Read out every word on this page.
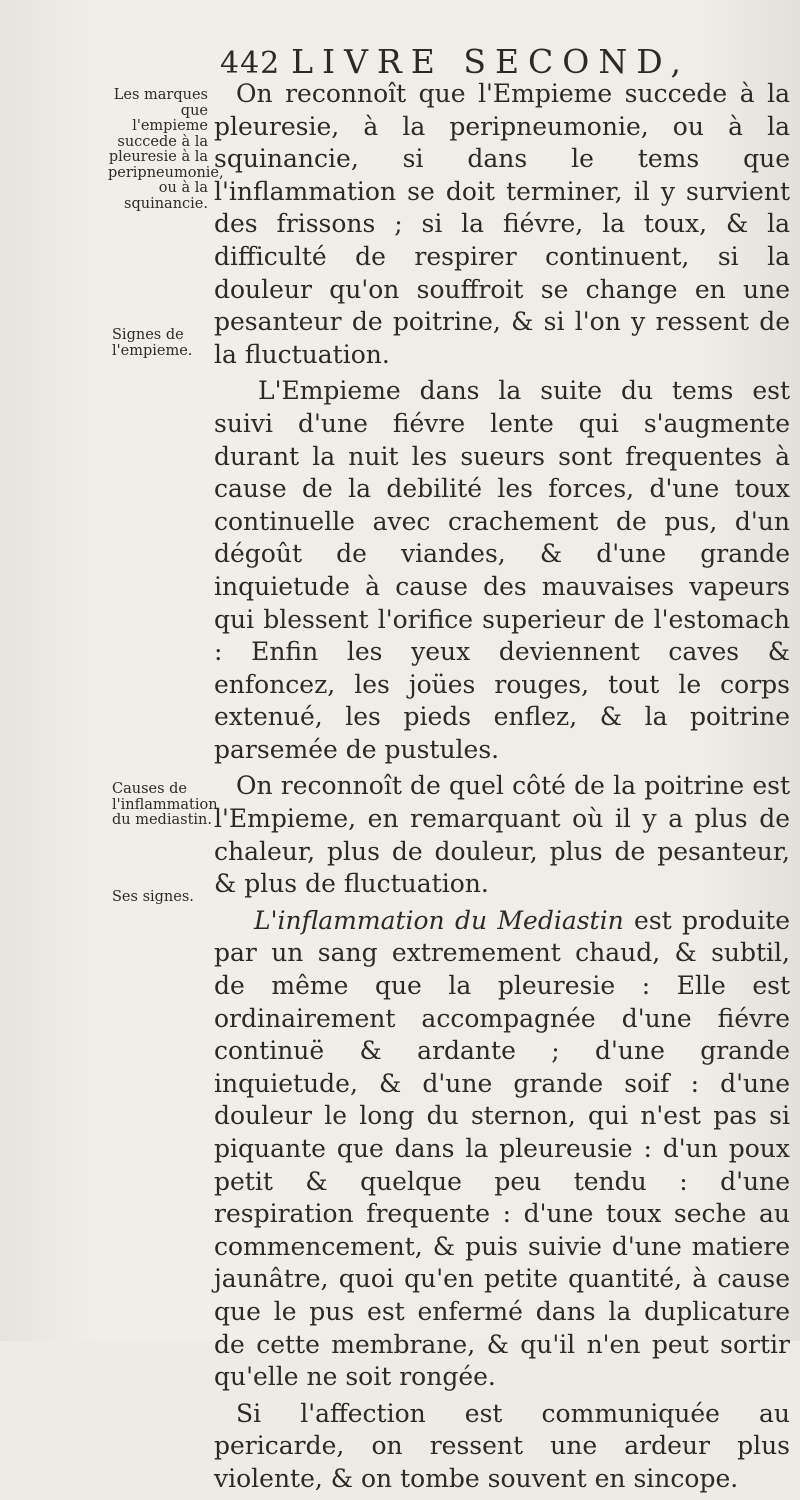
442 LIVRE SECOND,
Les marques que l'empieme succede à la pleuresie à la peripneumonie, ou à la squinancie.
Signes de l'empieme.
Causes de l'inflammation du mediastin.
Ses signes.

On reconnoît que l'Empieme succede à la pleuresie, à la peripneumonie, ou à la squinancie, si dans le tems que l'inflammation se doit terminer, il y survient des frissons ; si la fiévre, la toux, & la difficulté de respirer continuent, si la douleur qu'on souffroit se change en une pesanteur de poitrine, & si l'on y ressent de la fluctuation.

L'Empieme dans la suite du tems est suivi d'une fiévre lente qui s'augmente durant la nuit les sueurs sont frequentes à cause de la debilité les forces, d'une toux continuelle avec crachement de pus, d'un dégoût de viandes, & d'une grande inquietude à cause des mauvaises vapeurs qui blessent l'orifice superieur de l'estomach : Enfin les yeux deviennent caves & enfoncez, les joües rouges, tout le corps extenué, les pieds enflez, & la poitrine parsemée de pustules.

On reconnoît de quel côté de la poitrine est l'Empieme, en remarquant où il y a plus de chaleur, plus de douleur, plus de pesanteur, & plus de fluctuation.

L'inflammation du Mediastin est produite par un sang extremement chaud, & subtil, de même que la pleuresie : Elle est ordinairement accompagnée d'une fiévre continuë & ardante ; d'une grande inquietude, & d'une grande soif : d'une douleur le long du sternon, qui n'est pas si piquante que dans la pleureusie : d'un poux petit & quelque peu tendu : d'une respiration frequente : d'une toux seche au commencement, & puis suivie d'une matiere jaunâtre, quoi qu'en petite quantité, à cause que le pus est enfermé dans la duplicature de cette membrane, & qu'il n'en peut sortir qu'elle ne soit rongée.

Si l'affection est communiquée au pericarde, on ressent une ardeur plus violente, & on tombe souvent en sincope.
